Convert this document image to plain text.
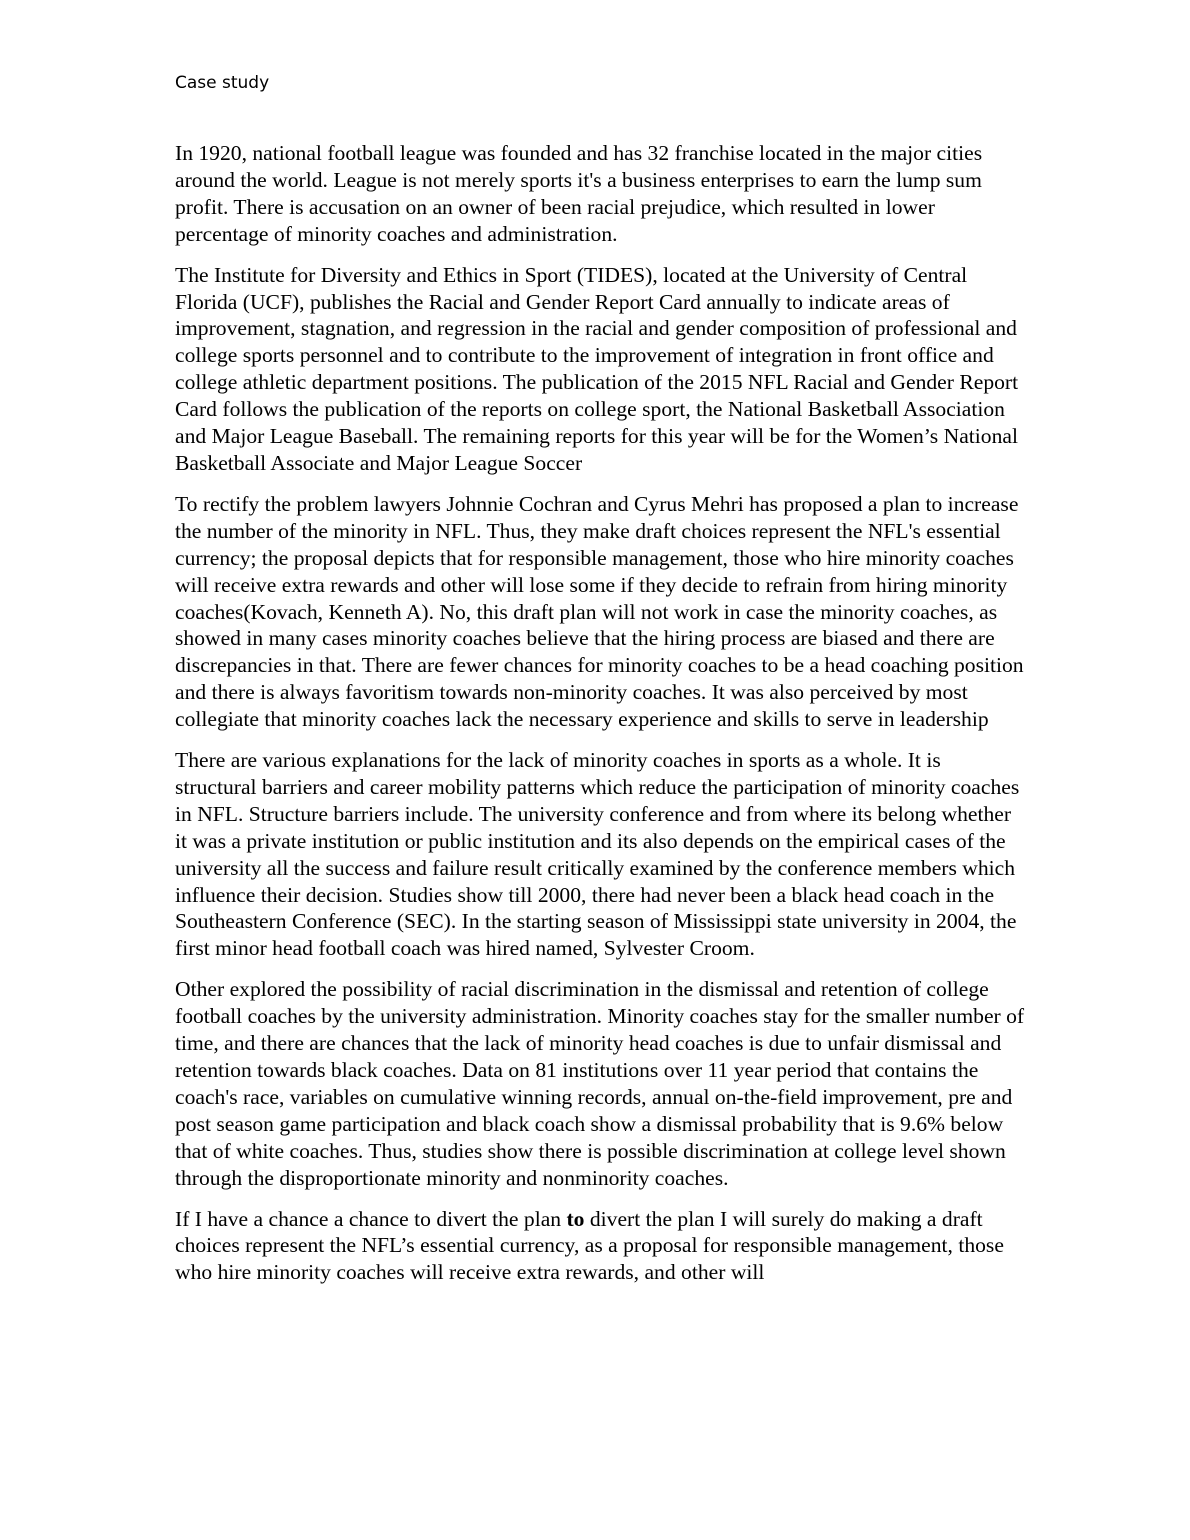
Case study

In 1920, national football league was founded and has 32 franchise located in the major cities around the world. League is not merely sports it's a business enterprises to earn the lump sum profit. There is accusation on an owner of been racial prejudice, which resulted in lower percentage of minority coaches and administration.

The Institute for Diversity and Ethics in Sport (TIDES), located at the University of Central Florida (UCF), publishes the Racial and Gender Report Card annually to indicate areas of improvement, stagnation, and regression in the racial and gender composition of professional and college sports personnel and to contribute to the improvement of integration in front office and college athletic department positions. The publication of the 2015 NFL Racial and Gender Report Card follows the publication of the reports on college sport, the National Basketball Association and Major League Baseball. The remaining reports for this year will be for the Women’s National Basketball Associate and Major League Soccer

To rectify the problem lawyers Johnnie Cochran and Cyrus Mehri has proposed a plan to increase the number of the minority in NFL. Thus, they make draft choices represent the NFL's essential currency; the proposal depicts that for responsible management, those who hire minority coaches will receive extra rewards and other will lose some if they decide to refrain from hiring minority coaches(Kovach, Kenneth A). No, this draft plan will not work in case the minority coaches, as showed in many cases minority coaches believe that the hiring process are biased and there are discrepancies in that. There are fewer chances for minority coaches to be a head coaching position and there is always favoritism towards non-minority coaches. It was also perceived by most collegiate that minority coaches lack the necessary experience and skills to serve in leadership

There are various explanations for the lack of minority coaches in sports as a whole. It is structural barriers and career mobility patterns which reduce the participation of minority coaches in NFL. Structure barriers include. The university conference and from where its belong whether it was a private institution or public institution and its also depends on the empirical cases of the university all the success and failure result critically examined by the conference members which influence their decision. Studies show till 2000, there had never been a black head coach in the Southeastern Conference (SEC). In the starting season of Mississippi state university in 2004, the first minor head football coach was hired named, Sylvester Croom.

Other explored the possibility of racial discrimination in the dismissal and retention of college football coaches by the university administration. Minority coaches stay for the smaller number of time, and there are chances that the lack of minority head coaches is due to unfair dismissal and retention towards black coaches. Data on 81 institutions over 11 year period that contains the coach's race, variables on cumulative winning records, annual on-the-field improvement, pre and post season game participation and black coach show a dismissal probability that is 9.6% below that of white coaches. Thus, studies show there is possible discrimination at college level shown through the disproportionate minority and nonminority coaches.

If I have a chance a chance to divert the plan to divert the plan I will surely do making a draft choices represent the NFL’s essential currency, as a proposal for responsible management, those who hire minority coaches will receive extra rewards, and other will
